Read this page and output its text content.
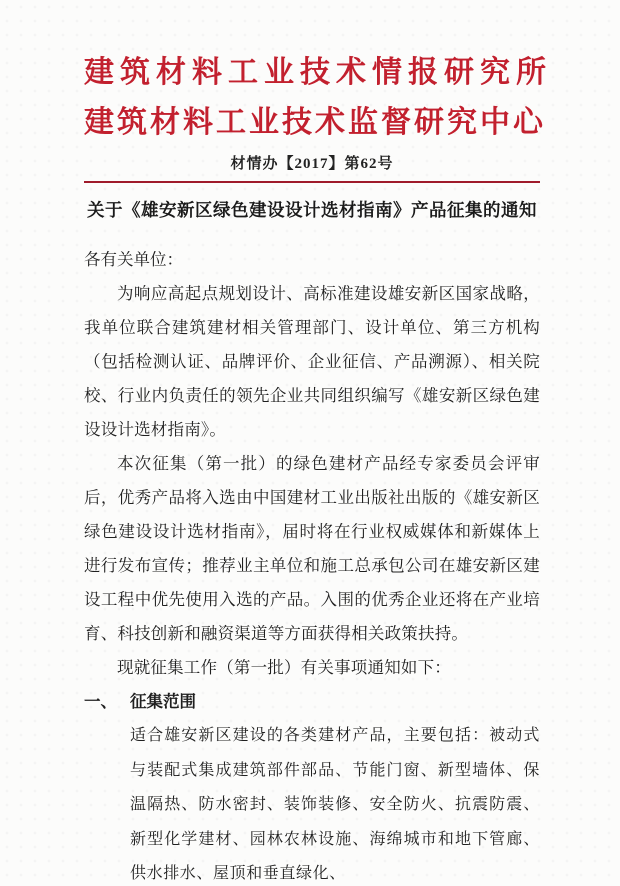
建筑材料工业技术情报研究所
建筑材料工业技术监督研究中心
材情办【2017】第62号
关于《雄安新区绿色建设设计选材指南》产品征集的通知
各有关单位：

为响应高起点规划设计、高标准建设雄安新区国家战略，我单位联合建筑建材相关管理部门、设计单位、第三方机构（包括检测认证、品牌评价、企业征信、产品溯源）、相关院校、行业内负责任的领先企业共同组织编写《雄安新区绿色建设设计选材指南》。

本次征集（第一批）的绿色建材产品经专家委员会评审后，优秀产品将入选由中国建材工业出版社出版的《雄安新区绿色建设设计选材指南》，届时将在行业权威媒体和新媒体上进行发布宣传；推荐业主单位和施工总承包公司在雄安新区建设工程中优先使用入选的产品。入围的优秀企业还将在产业培育、科技创新和融资渠道等方面获得相关政策扶持。

现就征集工作（第一批）有关事项通知如下：

一、 征集范围

适合雄安新区建设的各类建材产品，主要包括：被动式与装配式集成建筑部件部品、节能门窗、新型墙体、保温隔热、防水密封、装饰装修、安全防火、抗震防震、新型化学建材、园林农林设施、海绵城市和地下管廊、供水排水、屋顶和垂直绿化、
